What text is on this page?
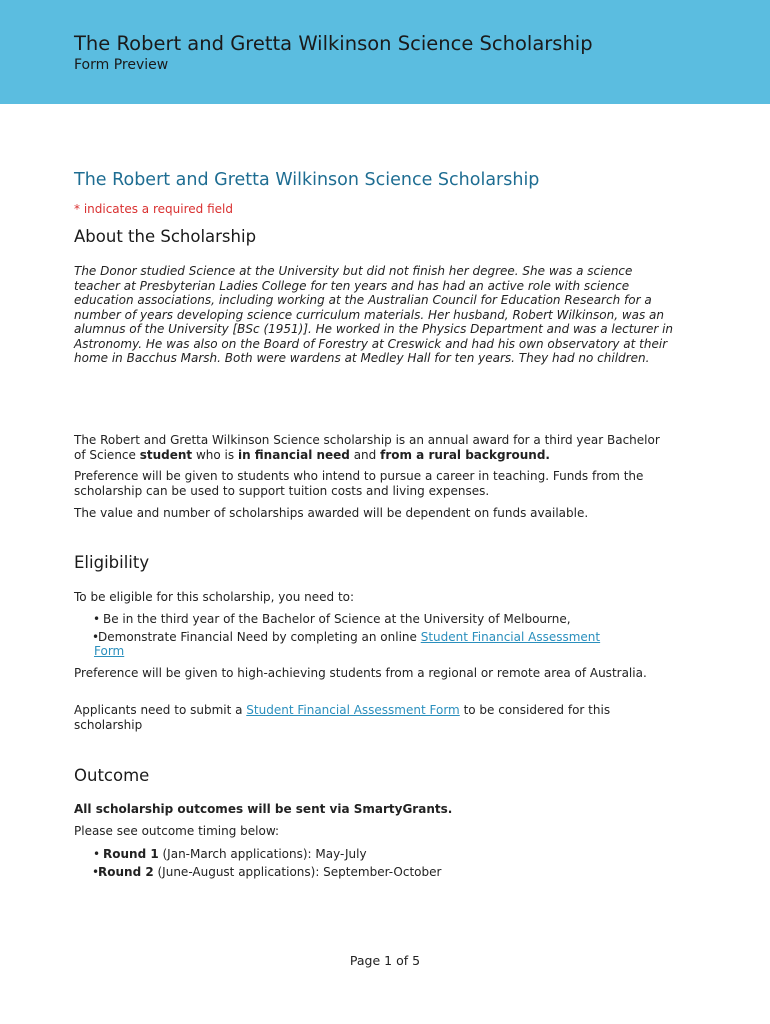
The Robert and Gretta Wilkinson Science Scholarship
Form Preview
The Robert and Gretta Wilkinson Science Scholarship
* indicates a required field
About the Scholarship

The Donor studied Science at the University but did not finish her degree. She was a science teacher at Presbyterian Ladies College for ten years and has had an active role with science education associations, including working at the Australian Council for Education Research for a number of years developing science curriculum materials. Her husband, Robert Wilkinson, was an alumnus of the University [BSc (1951)]. He worked in the Physics Department and was a lecturer in Astronomy. He was also on the Board of Forestry at Creswick and had his own observatory at their home in Bacchus Marsh. Both were wardens at Medley Hall for ten years. They had no children.

The Robert and Gretta Wilkinson Science scholarship is an annual award for a third year Bachelor of Science student who is in financial need and from a rural background.

Preference will be given to students who intend to pursue a career in teaching. Funds from the scholarship can be used to support tuition costs and living expenses.

The value and number of scholarships awarded will be dependent on funds available.

Eligibility

To be eligible for this scholarship, you need to:

• Be in the third year of the Bachelor of Science at the University of Melbourne,
•
Demonstrate Financial Need by completing an online Student Financial Assessment
Form

Preference will be given to high-achieving students from a regional or remote area of Australia.

Applicants need to submit a Student Financial Assessment Form to be considered for this scholarship

Outcome

All scholarship outcomes will be sent via SmartyGrants.

Please see outcome timing below:

• Round 1 (Jan-March applications): May-July
•
Round 2 (June-August applications): September-October
Page 1 of 5
